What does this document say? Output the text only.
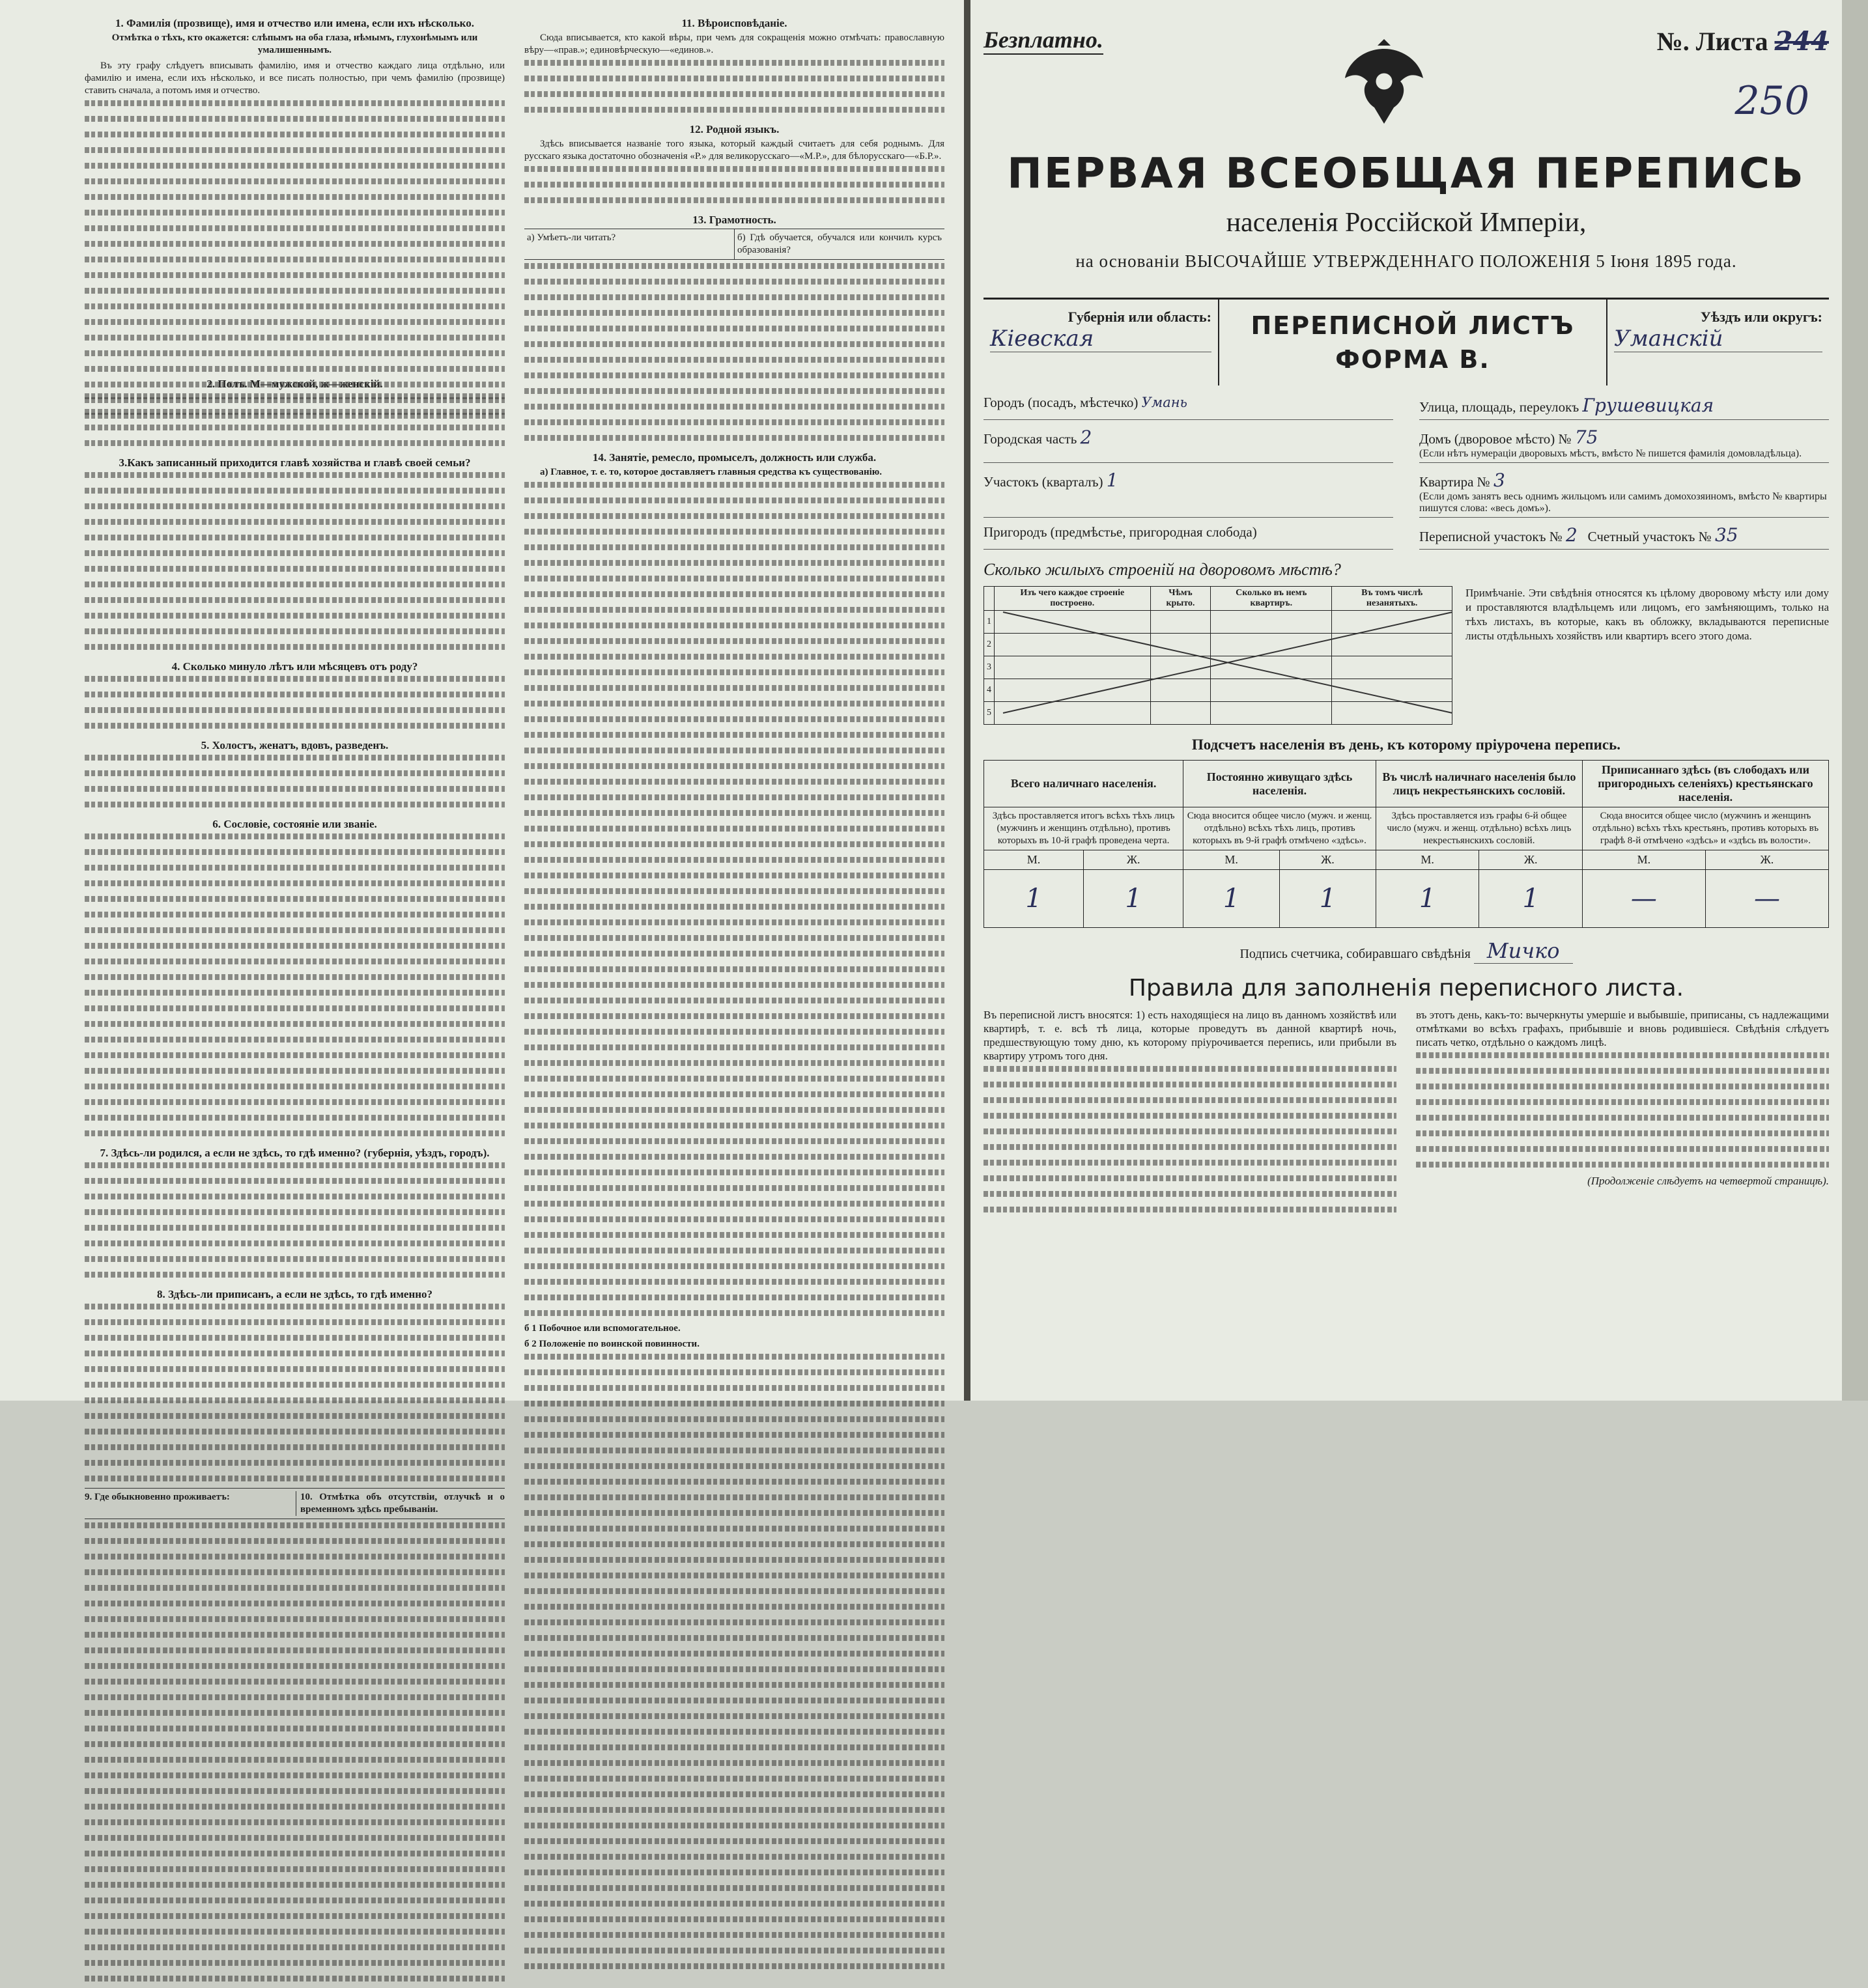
1. Фамилія (прозвище), имя и отчество или имена, если ихъ нѣсколько.

Отмѣтка о тѣхъ, кто окажется: слѣпымъ на оба глаза, нѣмымъ, глухонѣмымъ или умалишеннымъ.

Въ эту графу слѣдуетъ вписывать фамилію, имя и отчество каждаго лица отдѣльно, или фамилію и имена, если ихъ нѣсколько, и все писать полностью, при чемъ фамилію (прозвище) ставить сначала, а потомъ имя и отчество.

2. Полъ. М—мужской, ж—женскій.
3.Какъ записанный приходится главѣ хозяйства и главѣ своей семьи?
4. Сколько минуло лѣтъ или мѣсяцевъ отъ роду?
5. Холостъ, женатъ, вдовъ, разведенъ.
6. Сословіе, состояніе или званіе.
7. Здѣсь-ли родился, а если не здѣсь, то гдѣ именно? (губернія, уѣздъ, городъ).
8. Здѣсь-ли приписанъ, а если не здѣсь, то гдѣ именно?
9. Где обыкновенно проживаетъ:	10. Отмѣтка объ отсутствіи, отлучкѣ и о временномъ здѣсь пребываніи.
11. Вѣроисповѣданіе.

Сюда вписывается, кто какой вѣры, при чемъ для сокращенія можно отмѣчать: православную вѣру—«прав.»; единовѣрческую—«единов.».

12. Родной языкъ.

Здѣсь вписывается названіе того языка, который каждый считаетъ для себя роднымъ. Для русскаго языка достаточно обозначенія «Р.» для великорусскаго—«М.Р.», для бѣлорусскаго—«Б.Р.».

13. Грамотность.
а) Умѣетъ-ли читать?	б) Гдѣ обучается, обучался или кончилъ курсъ образованія?
14. Занятіе, ремесло, промыселъ, должность или служба.

а) Главное, т. е. то, которое доставляетъ главныя средства къ существованію.

б 1 Побочное или вспомогательное.

б 2 Положеніе по воинской повинности.

Безплатно.	№. Листа 244
250
ПЕРВАЯ ВСЕОБЩАЯ ПЕРЕПИСЬ
населенія Россійской Имперіи,
на основаніи ВЫСОЧАЙШЕ УТВЕРЖДЕННАГО ПОЛОЖЕНІЯ 5 Іюня 1895 года.
Губернія или область:
Кіевская	ПЕРЕПИСНОЙ ЛИСТЪ
ФОРМА В.
Уѣздъ или округъ:
Уманскій
Городъ (посадъ, мѣстечко) Умань	Улица, площадь, переулокъ Грушевицкая
Городская часть 2	Домъ (дворовое мѣсто) № 75
(Если нѣтъ нумераціи дворовыхъ мѣстъ, вмѣсто № пишется фамилія домовладѣльца).
Участокъ (кварталъ) 1	Квартира № 3
(Если домъ занятъ весь однимъ жильцомъ или самимъ домохозяиномъ, вмѣсто № квартиры пишутся слова: «весь домъ»).
Пригородъ (предмѣстье, пригородная слобода)	Переписной участокъ № 2 Счетный участокъ № 35
Сколько жилыхъ строеній на дворовомъ мѣстѣ?
	Изъ чего каждое строеніе построено.	Чѣмъ крыто.	Сколько въ немъ квартиръ.	Въ томъ числѣ незанятыхъ.
1				
2				
3				
4				
5				
Примѣчаніе. Эти свѣдѣнія относятся къ цѣлому дворовому мѣсту или дому и проставляются владѣльцемъ или лицомъ, его замѣняющимъ, только на тѣхъ листахъ, въ которые, какъ въ обложку, вкладываются переписные листы отдѣльныхъ хозяйствъ или квартиръ всего этого дома.
Подсчетъ населенія въ день, къ которому пріурочена перепись.
Всего наличнаго населенія.		Постоянно живущаго здѣсь населенія.		Въ числѣ наличнаго населенія было лицъ некрестьянскихъ сословій.		Приписаннаго здѣсь (въ слободахъ или пригородныхъ селеніяхъ) крестьянскаго населенія.	
Здѣсь проставляется итогъ всѣхъ тѣхъ лицъ (мужчинъ и женщинъ отдѣльно), противъ которыхъ въ 10-й графѣ проведена черта.		Сюда вносится общее число (мужч. и женщ. отдѣльно) всѣхъ тѣхъ лицъ, противъ которыхъ въ 9-й графѣ отмѣчено «здѣсь».		Здѣсь проставляется изъ графы 6-й общее число (мужч. и женщ. отдѣльно) всѣхъ лицъ некрестьянскихъ сословій.		Сюда вносится общее число (мужчинъ и женщинъ отдѣльно) всѣхъ тѣхъ крестьянъ, противъ которыхъ въ графѣ 8-й отмѣчено «здѣсь» и «здѣсь въ волости».	
М.	Ж.	М.	Ж.	М.	Ж.	М.	Ж.
1	1	1	1	1	1	—	—
Подпись счетчика, собиравшаго свѣдѣнія Мичко
Правила для заполненія переписного листа.
Въ переписной листъ вносятся: 1) есть находящіеся на лицо въ данномъ хозяйствѣ или квартирѣ, т. е. всѣ тѣ лица, которые проведутъ въ данной квартирѣ ночь, предшествующую тому дню, къ которому пріурочивается перепись, или прибыли въ квартиру утромъ того дня.
въ этотъ день, какъ-то: вычеркнуты умершіе и выбывшіе, приписаны, съ надлежащими отмѣтками во всѣхъ графахъ, прибывшіе и вновь родившіеся. Свѣдѣнія слѣдуетъ писать четко, отдѣльно о каждомъ лицѣ.
(Продолженіе слѣдуетъ на четвертой страницѣ).
